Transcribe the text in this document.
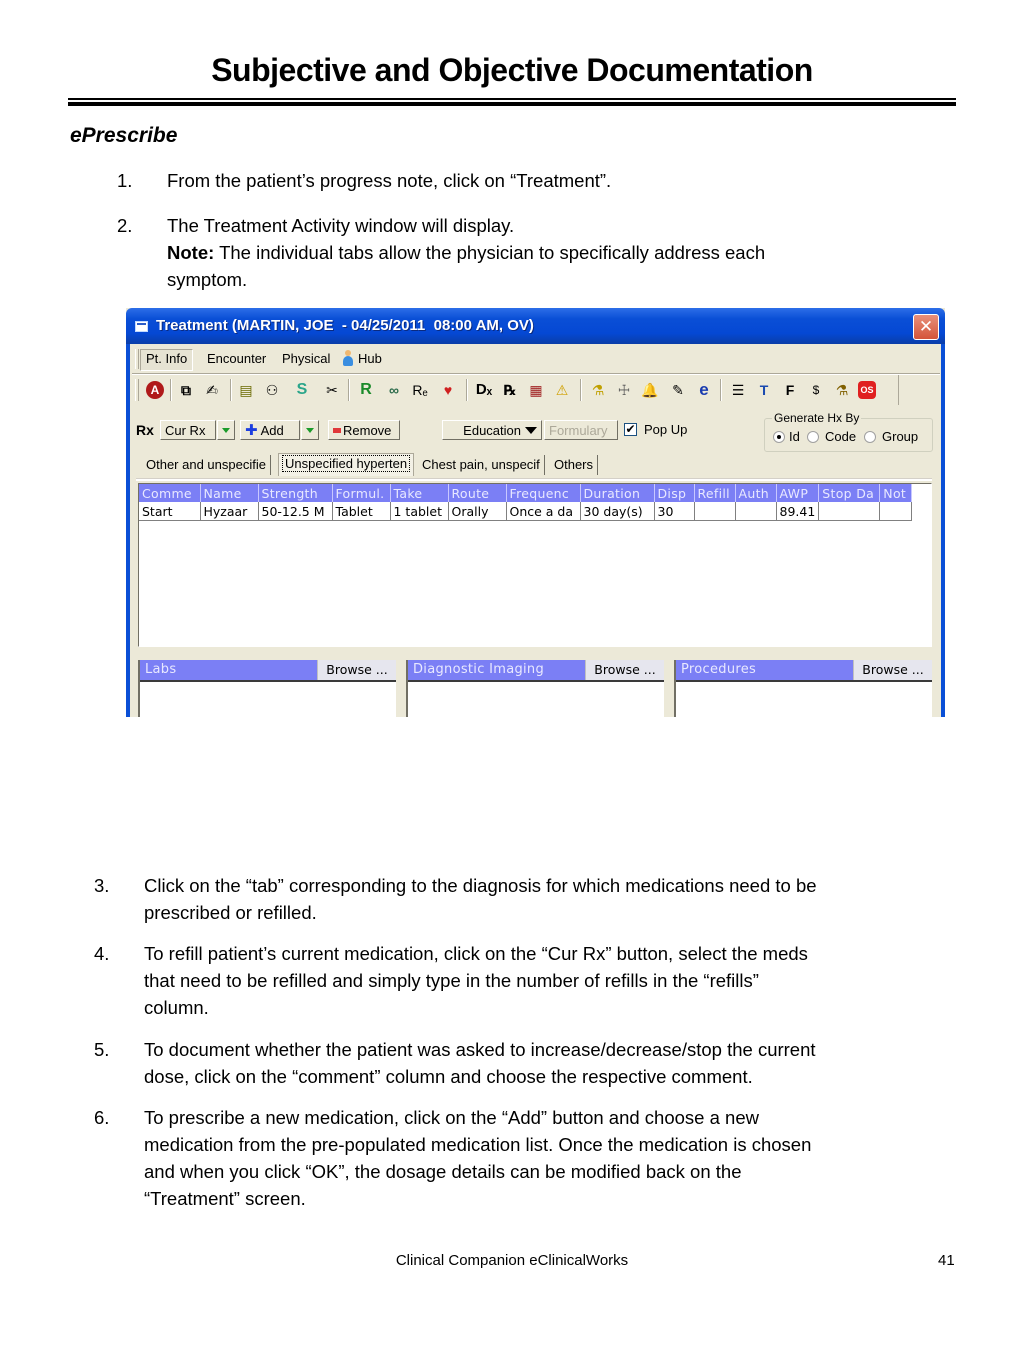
Subjective and Objective Documentation
ePrescribe
1. From the patient’s progress note, click on “Treatment”.
2. The Treatment Activity window will display.
Note: The individual tabs allow the physician to specifically address each
symptom.
Treatment (MARTIN, JOE  - 04/25/2011  08:00 AM, OV)	✕
Pt. Info	Encounter	Physical	Hub
A	⧉	✍ ▤ ⚇ S	✂ R	∞ Rₑ	♥	Dₓ ℞ ▦ ⚠ ⚗ ☩ 🔔 ✎ e	☰	T	F	$	⚗	OS
Rx Cur Rx	✚ Add	Remove	Education	Formulary	✔ Pop Up
Generate Hx By
Id Code Group
Other and unspecifie	Unspecified hyperten	Chest pain, unspecif	Others
Comme	Name	Strength	Formul.	Take	Route	Frequenc	Duration	Disp	Refill	Auth	AWP	Stop Da	Not
Start	Hyzaar	50-12.5 M	Tablet	1 tablet	Orally	Once a da	30 day(s)	30			89.41		
Labs	Browse ...	Diagnostic Imaging	Browse ...	Procedures	Browse ...
3. Click on the “tab” corresponding to the diagnosis for which medications need to be
prescribed or refilled.
4. To refill patient’s current medication, click on the “Cur Rx” button, select the meds
that need to be refilled and simply type in the number of refills in the “refills”
column.
5. To document whether the patient was asked to increase/decrease/stop the current
dose, click on the “comment” column and choose the respective comment.
6. To prescribe a new medication, click on the “Add” button and choose a new
medication from the pre-populated medication list. Once the medication is chosen
and when you click “OK”, the dosage details can be modified back on the
“Treatment” screen.
Clinical Companion eClinicalWorks	41
